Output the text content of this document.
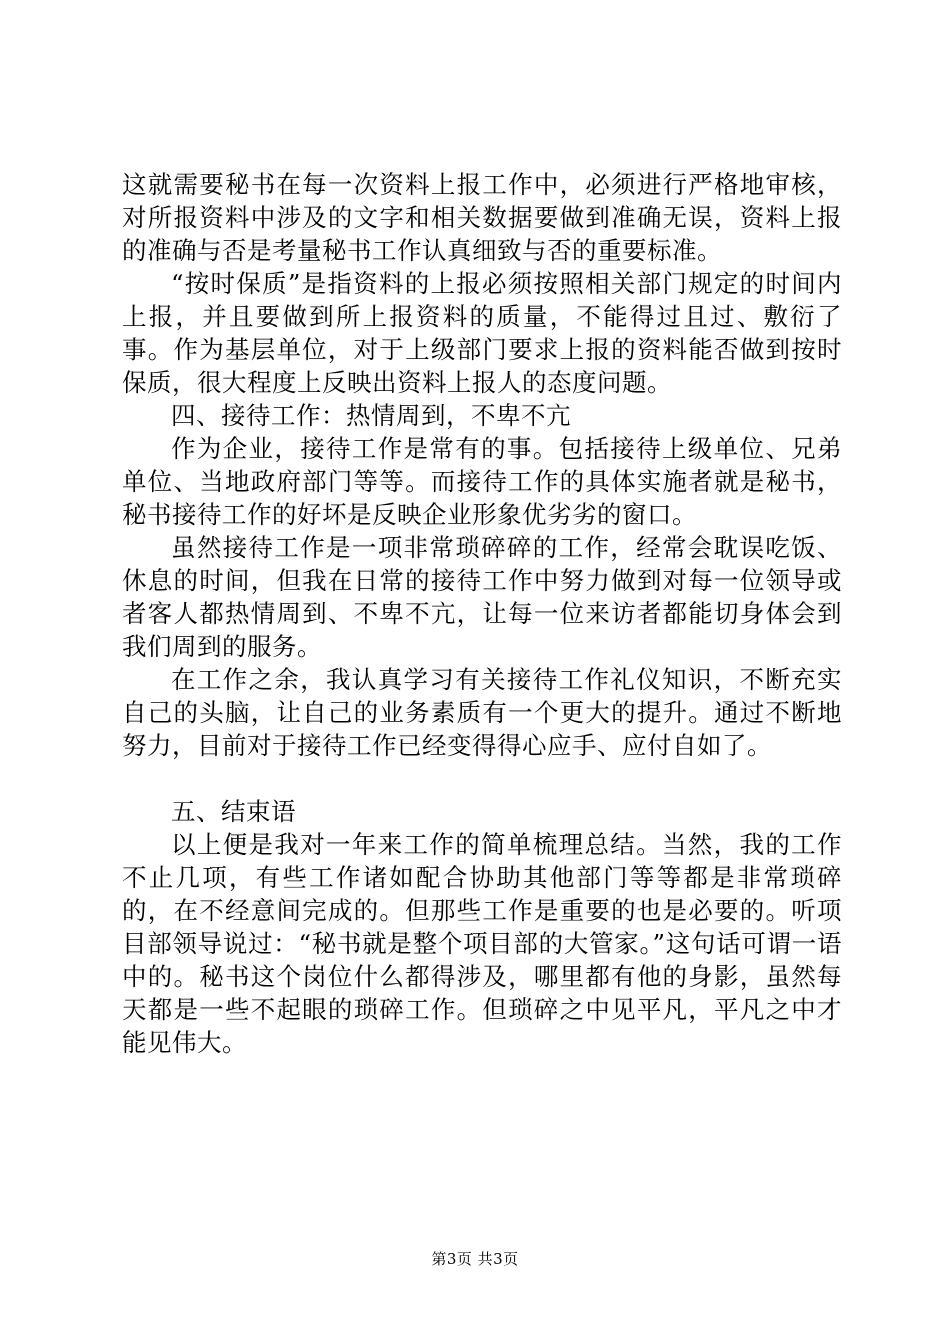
这就需要秘书在每一次资料上报工作中，必须进行严格地审核，对所报资料中涉及的文字和相关数据要做到准确无误，资料上报的准确与否是考量秘书工作认真细致与否的重要标准。

“按时保质”是指资料的上报必须按照相关部门规定的时间内上报，并且要做到所上报资料的质量，不能得过且过、敷衍了事。作为基层单位，对于上级部门要求上报的资料能否做到按时保质，很大程度上反映出资料上报人的态度问题。

四、接待工作：热情周到，不卑不亢

作为企业，接待工作是常有的事。包括接待上级单位、兄弟单位、当地政府部门等等。而接待工作的具体实施者就是秘书，秘书接待工作的好坏是反映企业形象优劣劣的窗口。

虽然接待工作是一项非常琐碎碎的工作，经常会耽误吃饭、休息的时间，但我在日常的接待工作中努力做到对每一位领导或者客人都热情周到、不卑不亢，让每一位来访者都能切身体会到我们周到的服务。

在工作之余，我认真学习有关接待工作礼仪知识，不断充实自己的头脑，让自己的业务素质有一个更大的提升。通过不断地努力，目前对于接待工作已经变得得心应手、应付自如了。

五、结束语

以上便是我对一年来工作的简单梳理总结。当然，我的工作不止几项，有些工作诸如配合协助其他部门等等都是非常琐碎的，在不经意间完成的。但那些工作是重要的也是必要的。听项目部领导说过：“秘书就是整个项目部的大管家。”这句话可谓一语中的。秘书这个岗位什么都得涉及，哪里都有他的身影，虽然每天都是一些不起眼的琐碎工作。但琐碎之中见平凡，平凡之中才能见伟大。

第3页 共3页
